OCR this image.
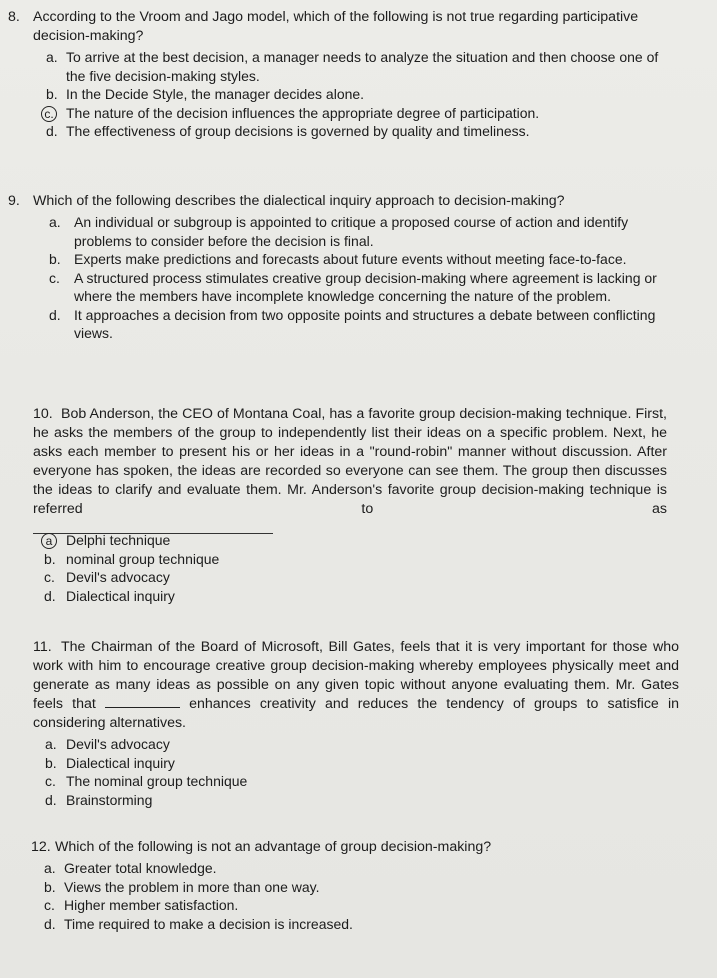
8. According to the Vroom and Jago model, which of the following is not true regarding participative decision-making?

a. To arrive at the best decision, a manager needs to analyze the situation and then choose one of the five decision-making styles.
b. In the Decide Style, the manager decides alone.
c. The nature of the decision influences the appropriate degree of participation.
d. The effectiveness of group decisions is governed by quality and timeliness.

9. Which of the following describes the dialectical inquiry approach to decision-making?

a. An individual or subgroup is appointed to critique a proposed course of action and identify problems to consider before the decision is final.
b. Experts make predictions and forecasts about future events without meeting face-to-face.
c.	A structured process stimulates creative group decision-making where agreement is lacking or where the members have incomplete knowledge concerning the nature of the problem.
d. It approaches a decision from two opposite points and structures a debate between conflicting views.

10. Bob Anderson, the CEO of Montana Coal, has a favorite group decision-making technique. First, he asks the members of the group to independently list their ideas on a specific problem. Next, he asks each member to present his or her ideas in a "round-robin" manner without discussion. After everyone has spoken, the ideas are recorded so everyone can see them. The group then discusses the ideas to clarify and evaluate them. Mr. Anderson's favorite group decision-making technique is referred to as

a Delphi technique
b. nominal group technique
c. Devil's advocacy
d. Dialectical inquiry

11. The Chairman of the Board of Microsoft, Bill Gates, feels that it is very important for those who work with him to encourage creative group decision-making whereby employees physically meet and generate as many ideas as possible on any given topic without anyone evaluating them. Mr. Gates feels that	enhances creativity and reduces the tendency of groups to satisfice in considering alternatives.

a. Devil's advocacy
b. Dialectical inquiry
c. The nominal group technique
d. Brainstorming

12. Which of the following is not an advantage of group decision-making?

a. Greater total knowledge.
b. Views the problem in more than one way.
c. Higher member satisfaction.
d. Time required to make a decision is increased.
